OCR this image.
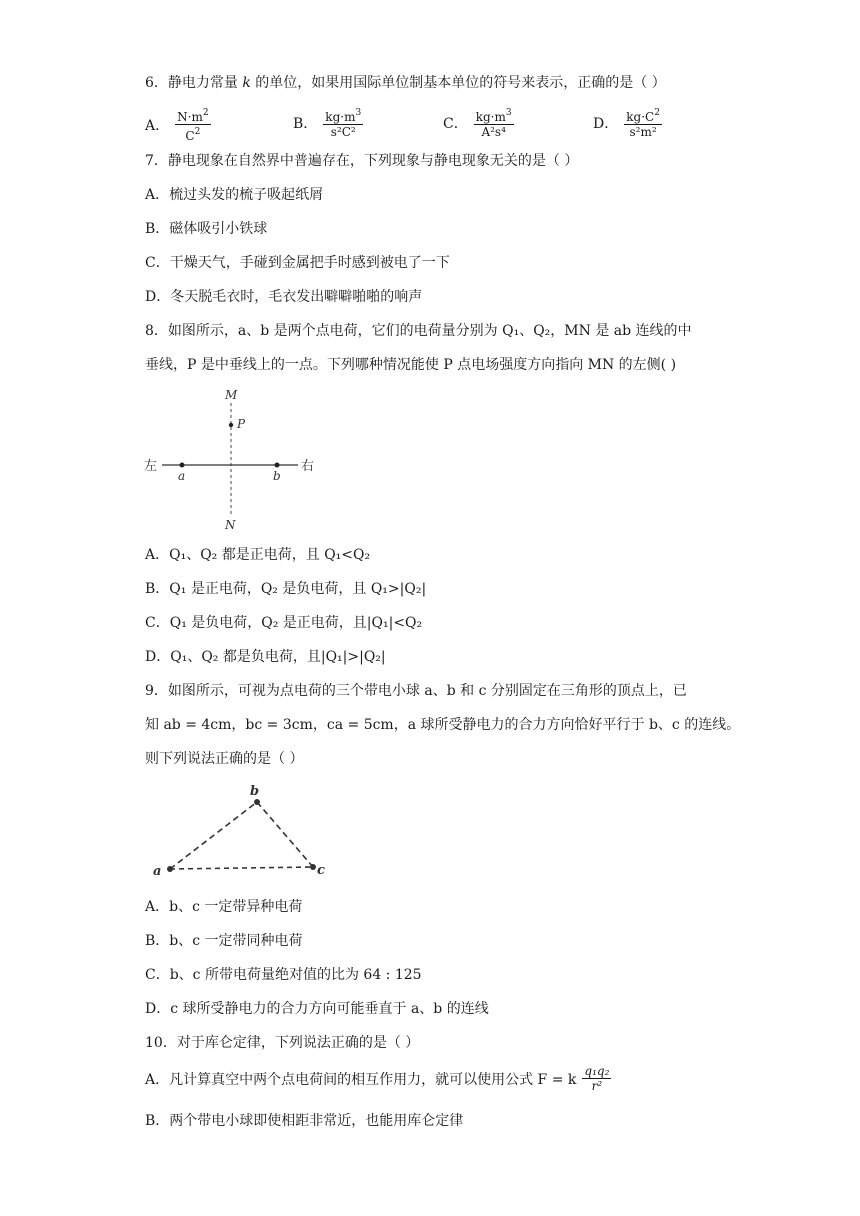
6．静电力常量 k 的单位，如果用国际单位制基本单位的符号来表示，正确的是（ ）
A． $\frac{N\cdot m^2}{C^2}$	B． $\frac{kg\cdot m^3}{\text{s²C²}}$	C． $\frac{kg\cdot m^3}{\text{A²s⁴}}$	D． $\frac{kg\cdot C^2}{\text{s²m²}}$
7．静电现象在自然界中普遍存在，下列现象与静电现象无关的是（ ）
A．梳过头发的梳子吸起纸屑
B．磁体吸引小铁球
C．干燥天气，手碰到金属把手时感到被电了一下
D．冬天脱毛衣时，毛衣发出噼噼啪啪的响声
8．如图所示，a、b 是两个点电荷，它们的电荷量分别为 Q₁、Q₂，MN 是 ab 连线的中
垂线，P 是中垂线上的一点。下列哪种情况能使 P 点电场强度方向指向 MN 的左侧( )
M
P
N
左	右
a	b
A．Q₁、Q₂ 都是正电荷，且 Q₁<Q₂
B．Q₁ 是正电荷，Q₂ 是负电荷，且 Q₁>|Q₂|
C．Q₁ 是负电荷，Q₂ 是正电荷，且|Q₁|<Q₂
D．Q₁、Q₂ 都是负电荷，且|Q₁|>|Q₂|
9．如图所示，可视为点电荷的三个带电小球 a、b 和 c 分别固定在三角形的顶点上，已
知 ab = 4cm，bc = 3cm，ca = 5cm，a 球所受静电力的合力方向恰好平行于 b、c 的连线。
则下列说法正确的是（ ）
a
b
c
A．b、c 一定带异种电荷
B．b、c 一定带同种电荷
C．b、c 所带电荷量绝对值的比为 64 : 125
D．c 球所受静电力的合力方向可能垂直于 a、b 的连线
10．对于库仑定律，下列说法正确的是（ ）
A．凡计算真空中两个点电荷间的相互作用力，就可以使用公式 F = k $\frac{\text{q₁q₂}}{\text{r²}}$
B．两个带电小球即使相距非常近，也能用库仑定律
